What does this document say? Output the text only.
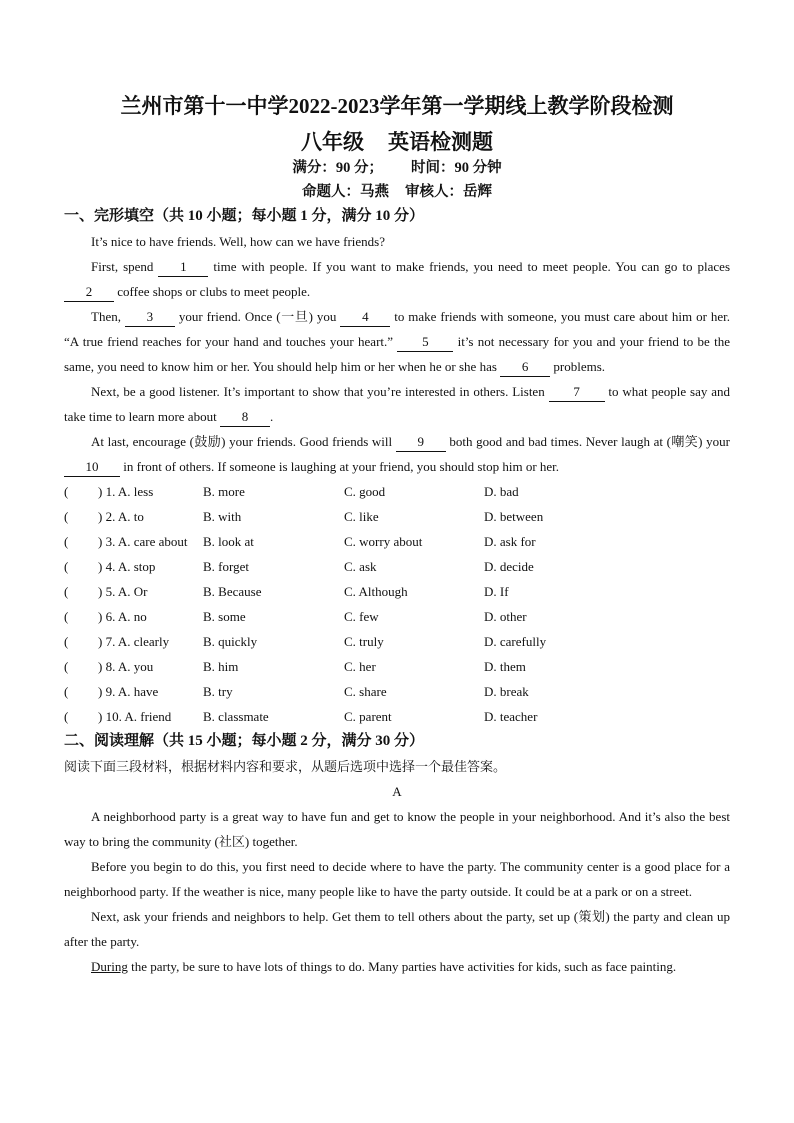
兰州市第十一中学2022-2023学年第一学期线上教学阶段检测
八年级 英语检测题
满分：90 分； 时间：90 分钟
命题人：马燕 审核人：岳辉
一、完形填空（共 10 小题；每小题 1 分，满分 10 分）

It’s nice to have friends. Well, how can we have friends?

First, spend 1 time with people. If you want to make friends, you need to meet people. You can go to places 2 coffee shops or clubs to meet people.

Then, 3 your friend. Once (一旦) you 4 to make friends with someone, you must care about him or her. “A true friend reaches for your hand and touches your heart.” 5 it’s not necessary for you and your friend to be the same, you need to know him or her. You should help him or her when he or she has 6 problems.

Next, be a good listener. It’s important to show that you’re interested in others. Listen 7 to what people say and take time to learn more about 8 .

At last, encourage (鼓励) your friends. Good friends will 9 both good and bad times. Never laugh at (嘲笑) your 10 in front of others. If someone is laughing at your friend, you should stop him or her.

( ) 1. A. less	B. more	C. good	D. bad
( ) 2. A. to	B. with	C. like	D. between
( ) 3. A. care about	B. look at	C. worry about	D. ask for
( ) 4. A. stop	B. forget	C. ask	D. decide
( ) 5. A. Or	B. Because	C. Although	D. If
( ) 6. A. no	B. some	C. few	D. other
( ) 7. A. clearly	B. quickly	C. truly	D. carefully
( ) 8. A. you	B. him	C. her	D. them
( ) 9. A. have	B. try	C. share	D. break
( ) 10. A. friend	B. classmate	C. parent	D. teacher
二、阅读理解（共 15 小题；每小题 2 分，满分 30 分）

阅读下面三段材料，根据材料内容和要求，从题后选项中选择一个最佳答案。

A

A neighborhood party is a great way to have fun and get to know the people in your neighborhood. And it’s also the best way to bring the community (社区) together.

Before you begin to do this, you first need to decide where to have the party. The community center is a good place for a neighborhood party. If the weather is nice, many people like to have the party outside. It could be at a park or on a street.

Next, ask your friends and neighbors to help. Get them to tell others about the party, set up (策划) the party and clean up after the party.

During the party, be sure to have lots of things to do. Many parties have activities for kids, such as face painting.
